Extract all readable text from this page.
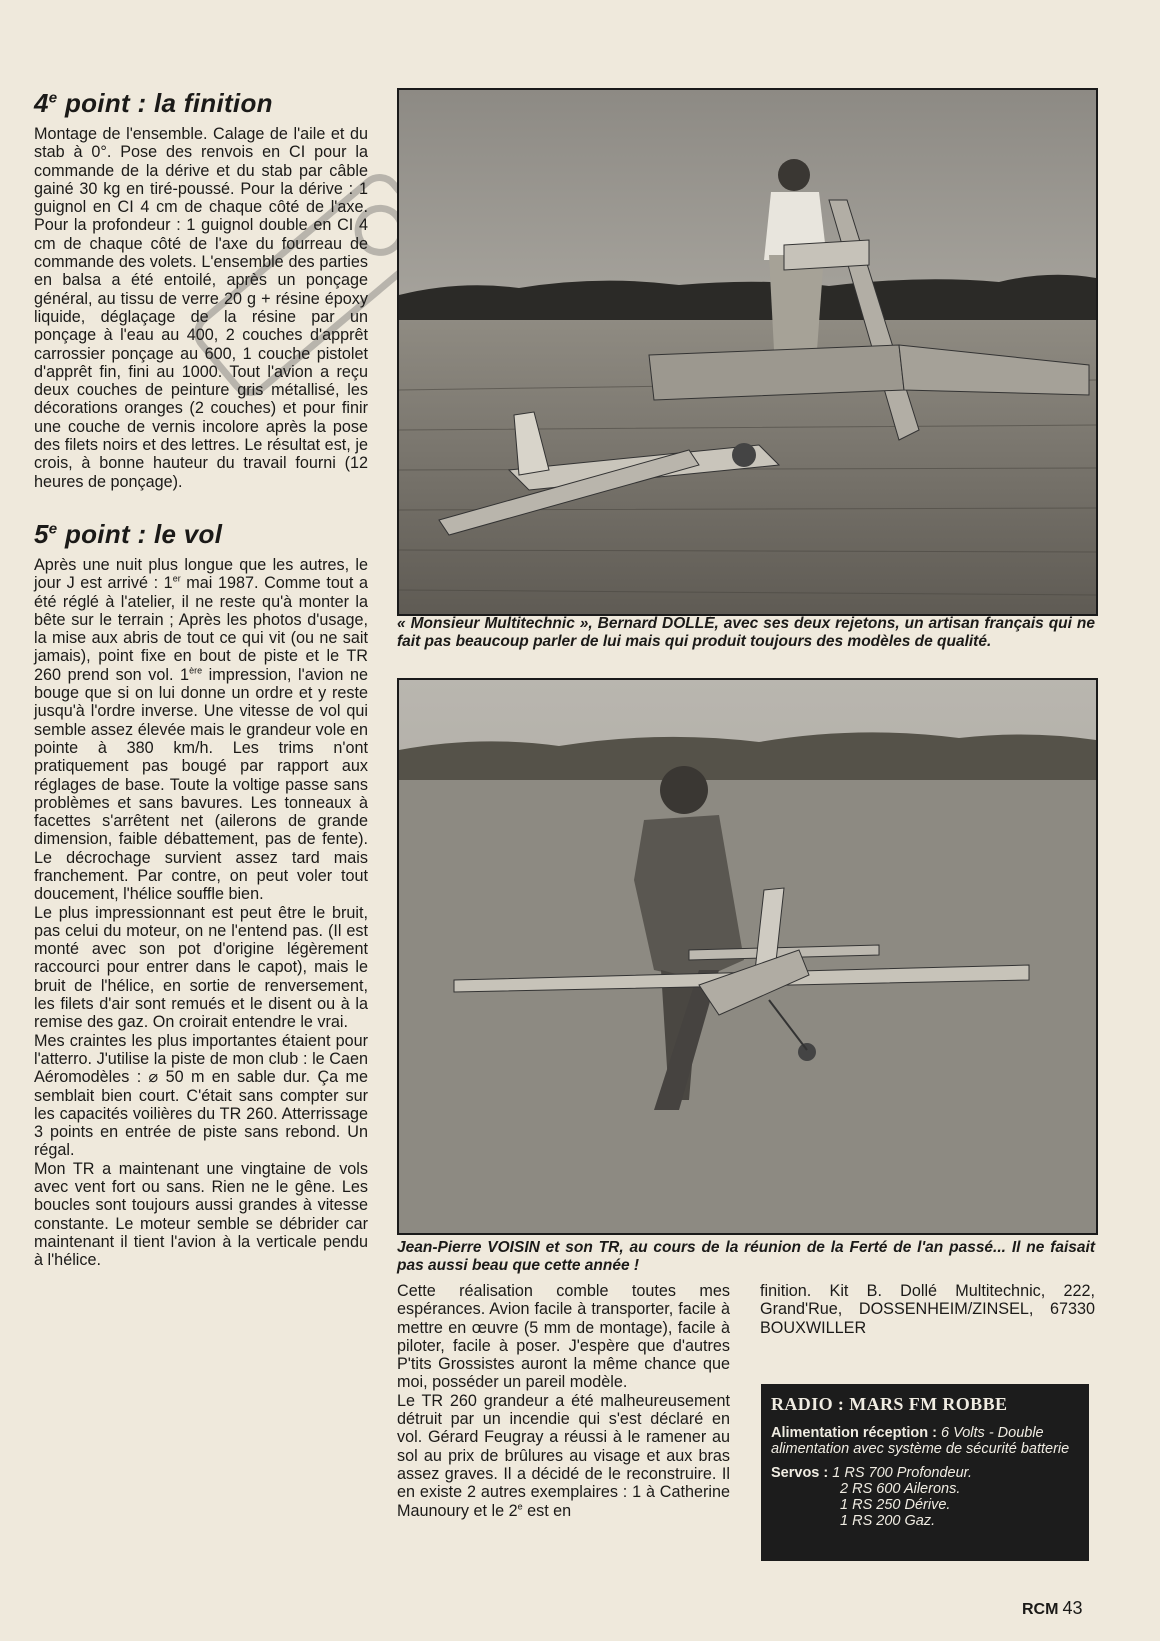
4e point : la finition

Montage de l'ensemble. Calage de l'aile et du stab à 0°. Pose des renvois en CI pour la commande de la dérive et du stab par câble gainé 30 kg en tiré-poussé. Pour la dérive : 1 guignol en CI 4 cm de chaque côté de l'axe. Pour la profondeur : 1 guignol double en CI 4 cm de chaque côté de l'axe du fourreau de commande des volets. L'ensemble des parties en balsa a été entoilé, après un ponçage général, au tissu de verre 20 g + résine époxy liquide, déglaçage de la résine par un ponçage à l'eau au 400, 2 couches d'apprêt carrossier ponçage au 600, 1 couche pistolet d'apprêt fin, fini au 1000. Tout l'avion a reçu deux couches de peinture gris métallisé, les décorations oranges (2 couches) et pour finir une couche de vernis incolore après la pose des filets noirs et des lettres. Le résultat est, je crois, à bonne hauteur du travail fourni (12 heures de ponçage).

5e point : le vol

Après une nuit plus longue que les autres, le jour J est arrivé : 1er mai 1987. Comme tout a été réglé à l'atelier, il ne reste qu'à monter la bête sur le terrain ; Après les photos d'usage, la mise aux abris de tout ce qui vit (ou ne sait jamais), point fixe en bout de piste et le TR 260 prend son vol. 1ère impression, l'avion ne bouge que si on lui donne un ordre et y reste jusqu'à l'ordre inverse. Une vitesse de vol qui semble assez élevée mais le grandeur vole en pointe à 380 km/h. Les trims n'ont pratiquement pas bougé par rapport aux réglages de base. Toute la voltige passe sans problèmes et sans bavures. Les tonneaux à facettes s'arrêtent net (ailerons de grande dimension, faible débattement, pas de fente). Le décrochage survient assez tard mais franchement. Par contre, on peut voler tout doucement, l'hélice souffle bien.

Le plus impressionnant est peut être le bruit, pas celui du moteur, on ne l'entend pas. (Il est monté avec son pot d'origine légèrement raccourci pour entrer dans le capot), mais le bruit de l'hélice, en sortie de renversement, les filets d'air sont remués et le disent ou à la remise des gaz. On croirait entendre le vrai.

Mes craintes les plus importantes étaient pour l'atterro. J'utilise la piste de mon club : le Caen Aéromodèles : ⌀ 50 m en sable dur. Ça me semblait bien court. C'était sans compter sur les capacités voilières du TR 260. Atterrissage 3 points en entrée de piste sans rebond. Un régal.

Mon TR a maintenant une vingtaine de vols avec vent fort ou sans. Rien ne le gêne. Les boucles sont toujours aussi grandes à vitesse constante. Le moteur semble se débrider car maintenant il tient l'avion à la verticale pendu à l'hélice.

« Monsieur Multitechnic », Bernard DOLLÉ, avec ses deux rejetons, un artisan français qui ne fait pas beaucoup parler de lui mais qui produit toujours des modèles de qualité.
Jean-Pierre VOISIN et son TR, au cours de la réunion de la Ferté de l'an passé... Il ne faisait pas aussi beau que cette année !

Cette réalisation comble toutes mes espérances. Avion facile à transporter, facile à mettre en œuvre (5 mm de montage), facile à piloter, facile à poser. J'espère que d'autres P'tits Grossistes auront la même chance que moi, posséder un pareil modèle.

Le TR 260 grandeur a été malheureusement détruit par un incendie qui s'est déclaré en vol. Gérard Feugray a réussi à le ramener au sol au prix de brûlures au visage et aux bras assez graves. Il a décidé de le reconstruire. Il en existe 2 autres exemplaires : 1 à Catherine Maunoury et le 2e est en

finition. Kit B. Dollé Multitechnic, 222, Grand'Rue, DOSSENHEIM/ZINSEL, 67330 BOUXWILLER

RADIO : MARS FM ROBBE
Alimentation réception : 6 Volts - Double alimentation avec système de sécurité batterie
Servos : 1 RS 700 Profondeur.
2 RS 600 Ailerons.
1 RS 250 Dérive.
1 RS 200 Gaz.
RCM 43
